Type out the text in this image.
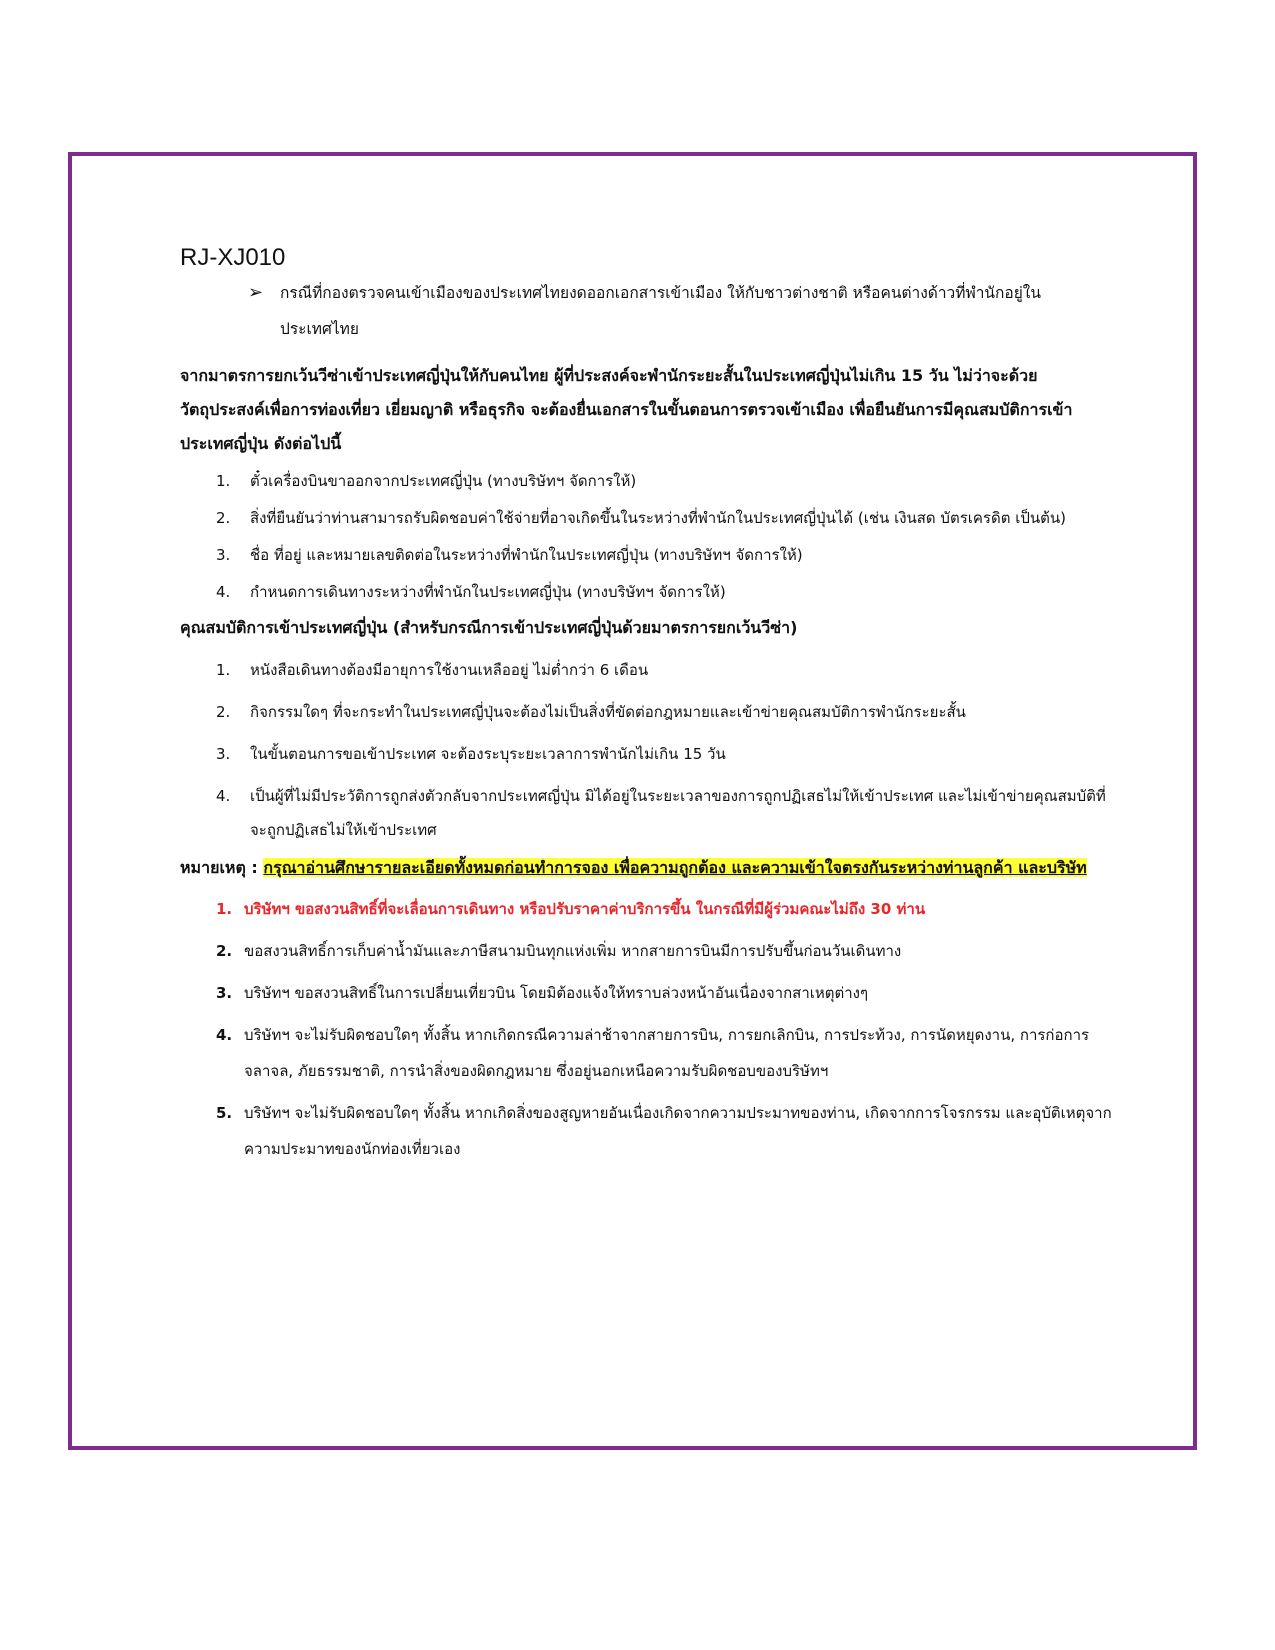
RJ-XJ010
➢	กรณีที่กองตรวจคนเข้าเมืองของประเทศไทยงดออกเอกสารเข้าเมือง ให้กับชาวต่างชาติ หรือคนต่างด้าวที่พำนักอยู่ในประเทศไทย
จากมาตรการยกเว้นวีซ่าเข้าประเทศญี่ปุ่นให้กับคนไทย ผู้ที่ประสงค์จะพำนักระยะสั้นในประเทศญี่ปุ่นไม่เกิน 15 วัน ไม่ว่าจะด้วยวัตถุประสงค์เพื่อการท่องเที่ยว เยี่ยมญาติ หรือธุรกิจ จะต้องยื่นเอกสารในขั้นตอนการตรวจเข้าเมือง เพื่อยืนยันการมีคุณสมบัติการเข้าประเทศญี่ปุ่น ดังต่อไปนี้
1.	ตั๋วเครื่องบินขาออกจากประเทศญี่ปุ่น (ทางบริษัทฯ จัดการให้)
2.	สิ่งที่ยืนยันว่าท่านสามารถรับผิดชอบค่าใช้จ่ายที่อาจเกิดขึ้นในระหว่างที่พำนักในประเทศญี่ปุ่นได้ (เช่น เงินสด บัตรเครดิต เป็นต้น)
3.	ชื่อ ที่อยู่ และหมายเลขติดต่อในระหว่างที่พำนักในประเทศญี่ปุ่น (ทางบริษัทฯ จัดการให้)
4.	กำหนดการเดินทางระหว่างที่พำนักในประเทศญี่ปุ่น (ทางบริษัทฯ จัดการให้)
คุณสมบัติการเข้าประเทศญี่ปุ่น (สำหรับกรณีการเข้าประเทศญี่ปุ่นด้วยมาตรการยกเว้นวีซ่า)
1.	หนังสือเดินทางต้องมีอายุการใช้งานเหลืออยู่ ไม่ต่ำกว่า 6 เดือน
2.	กิจกรรมใดๆ ที่จะกระทำในประเทศญี่ปุ่นจะต้องไม่เป็นสิ่งที่ขัดต่อกฎหมายและเข้าข่ายคุณสมบัติการพำนักระยะสั้น
3.	ในขั้นตอนการขอเข้าประเทศ จะต้องระบุระยะเวลาการพำนักไม่เกิน 15 วัน
4.	เป็นผู้ที่ไม่มีประวัติการถูกส่งตัวกลับจากประเทศญี่ปุ่น มิได้อยู่ในระยะเวลาของการถูกปฏิเสธไม่ให้เข้าประเทศ และไม่เข้าข่ายคุณสมบัติที่จะถูกปฏิเสธไม่ให้เข้าประเทศ
หมายเหตุ : กรุณาอ่านศึกษารายละเอียดทั้งหมดก่อนทำการจอง เพื่อความถูกต้อง และความเข้าใจตรงกันระหว่างท่านลูกค้า และบริษัท
1. บริษัทฯ ขอสงวนสิทธิ์ที่จะเลื่อนการเดินทาง หรือปรับราคาค่าบริการขึ้น ในกรณีที่มีผู้ร่วมคณะไม่ถึง 30 ท่าน
2. ขอสงวนสิทธิ์การเก็บค่าน้ำมันและภาษีสนามบินทุกแห่งเพิ่ม หากสายการบินมีการปรับขึ้นก่อนวันเดินทาง
3. บริษัทฯ ขอสงวนสิทธิ์ในการเปลี่ยนเที่ยวบิน โดยมิต้องแจ้งให้ทราบล่วงหน้าอันเนื่องจากสาเหตุต่างๆ
4. บริษัทฯ จะไม่รับผิดชอบใดๆ ทั้งสิ้น หากเกิดกรณีความล่าช้าจากสายการบิน, การยกเลิกบิน, การประท้วง, การนัดหยุดงาน, การก่อการจลาจล, ภัยธรรมชาติ, การนำสิ่งของผิดกฎหมาย ซึ่งอยู่นอกเหนือความรับผิดชอบของบริษัทฯ
5. บริษัทฯ จะไม่รับผิดชอบใดๆ ทั้งสิ้น หากเกิดสิ่งของสูญหายอันเนื่องเกิดจากความประมาทของท่าน, เกิดจากการโจรกรรม และอุบัติเหตุจากความประมาทของนักท่องเที่ยวเอง
